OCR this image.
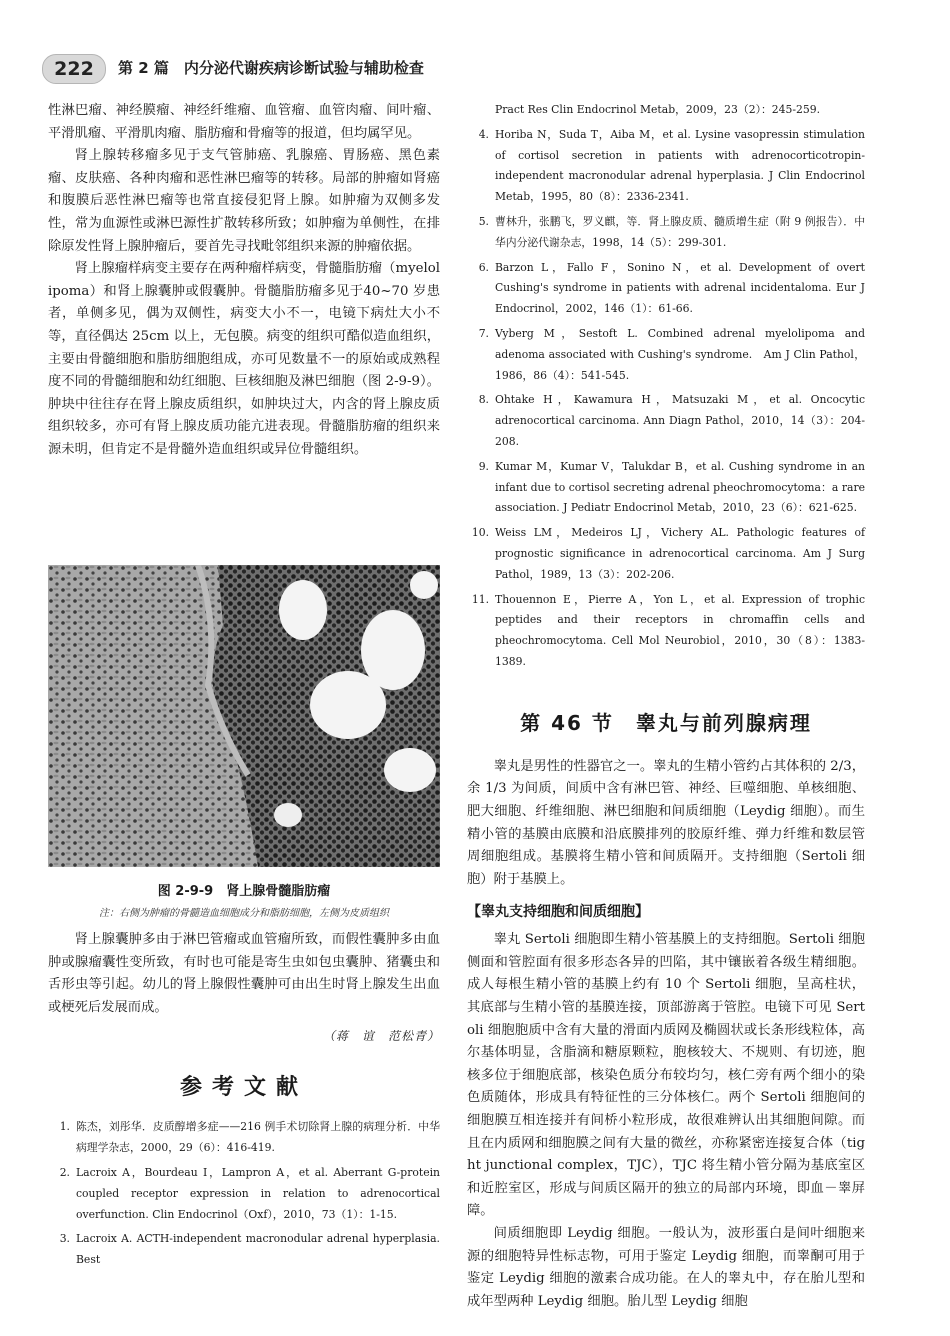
222	第 2 篇　内分泌代谢疾病诊断试验与辅助检查

性淋巴瘤、神经膜瘤、神经纤维瘤、血管瘤、血管肉瘤、间叶瘤、平滑肌瘤、平滑肌肉瘤、脂肪瘤和骨瘤等的报道，但均属罕见。

肾上腺转移瘤多见于支气管肺癌、乳腺癌、胃肠癌、黑色素瘤、皮肤癌、各种肉瘤和恶性淋巴瘤等的转移。局部的肿瘤如肾癌和腹膜后恶性淋巴瘤等也常直接侵犯肾上腺。如肿瘤为双侧多发性，常为血源性或淋巴源性扩散转移所致；如肿瘤为单侧性，在排除原发性肾上腺肿瘤后，要首先寻找毗邻组织来源的肿瘤依据。

肾上腺瘤样病变主要存在两种瘤样病变，骨髓脂肪瘤（myelolipoma）和肾上腺囊肿或假囊肿。骨髓脂肪瘤多见于40~70 岁患者，单侧多见，偶为双侧性，病变大小不一，电镜下病灶大小不等，直径偶达 25cm 以上，无包膜。病变的组织可酷似造血组织，主要由骨髓细胞和脂肪细胞组成，亦可见数量不一的原始或成熟程度不同的骨髓细胞和幼红细胞、巨核细胞及淋巴细胞（图 2-9-9）。肿块中往往存在肾上腺皮质组织，如肿块过大，内含的肾上腺皮质组织较多，亦可有肾上腺皮质功能亢进表现。骨髓脂肪瘤的组织来源未明，但肯定不是骨髓外造血组织或异位骨髓组织。

图 2-9-9　肾上腺骨髓脂肪瘤
注：右侧为肿瘤的骨髓造血细胞成分和脂肪细胞，左侧为皮质组织

肾上腺囊肿多由于淋巴管瘤或血管瘤所致，而假性囊肿多由血肿或腺瘤囊性变所致，有时也可能是寄生虫如包虫囊肿、猪囊虫和舌形虫等引起。幼儿的肾上腺假性囊肿可由出生时肾上腺发生出血或梗死后发展而成。

（蒋　谊　范松青）
参考文献
1. 陈杰，刘彤华．皮质醇增多症——216 例手术切除肾上腺的病理分析．中华病理学杂志，2000，29（6）：416-419.
2. Lacroix A，Bourdeau I，Lampron A，et al. Aberrant G-protein coupled receptor expression in relation to adrenocortical overfunction. Clin Endocrinol（Oxf），2010，73（1）：1-15.
3. Lacroix A. ACTH-independent macronodular adrenal hyperplasia. Best
Pract Res Clin Endocrinol Metab，2009，23（2）：245-259.
4. Horiba N，Suda T，Aiba M，et al. Lysine vasopressin stimulation of cortisol secretion in patients with adrenocorticotropin-independent macronodular adrenal hyperplasia. J Clin Endocrinol Metab，1995，80（8）：2336-2341.
5. 曹林升，张鹏飞，罗义麒，等．肾上腺皮质、髓质增生症（附 9 例报告）．中华内分泌代谢杂志，1998，14（5）：299-301.
6. Barzon L，Fallo F，Sonino N，et al. Development of overt Cushing's syndrome in patients with adrenal incidentaloma. Eur J Endocrinol，2002，146（1）：61-66.
7. Vyberg M，Sestoft L. Combined adrenal myelolipoma and adenoma associated with Cushing's syndrome.　Am J Clin Pathol，1986，86（4）：541-545.
8. Ohtake H，Kawamura H，Matsuzaki M，et al. Oncocytic adrenocortical carcinoma. Ann Diagn Pathol，2010，14（3）：204-208.
9. Kumar M，Kumar V，Talukdar B，et al. Cushing syndrome in an infant due to cortisol secreting adrenal pheochromocytoma：a rare association. J Pediatr Endocrinol Metab，2010，23（6）：621-625.
10. Weiss LM，Medeiros LJ，Vichery AL. Pathologic features of prognostic significance in adrenocortical carcinoma. Am J Surg Pathol，1989，13（3）：202-206.
11. Thouennon E，Pierre A，Yon L，et al. Expression of trophic peptides and their receptors in chromaffin cells and pheochromocytoma. Cell Mol Neurobiol，2010，30（8）：1383-1389.
第 46 节　睾丸与前列腺病理

睾丸是男性的性器官之一。睾丸的生精小管约占其体积的 2/3，余 1/3 为间质，间质中含有淋巴管、神经、巨噬细胞、单核细胞、肥大细胞、纤维细胞、淋巴细胞和间质细胞（Leydig 细胞）。而生精小管的基膜由底膜和沿底膜排列的胶原纤维、弹力纤维和数层管周细胞组成。基膜将生精小管和间质隔开。支持细胞（Sertoli 细胞）附于基膜上。

【睾丸支持细胞和间质细胞】

睾丸 Sertoli 细胞即生精小管基膜上的支持细胞。Sertoli 细胞侧面和管腔面有很多形态各异的凹陷，其中镶嵌着各级生精细胞。成人每根生精小管的基膜上约有 10 个 Sertoli 细胞，呈高柱状，其底部与生精小管的基膜连接，顶部游离于管腔。电镜下可见 Sertoli 细胞胞质中含有大量的滑面内质网及椭圆状或长条形线粒体，高尔基体明显，含脂滴和糖原颗粒，胞核较大、不规则、有切迹，胞核多位于细胞底部，核染色质分布较均匀，核仁旁有两个细小的染色质随体，形成具有特征性的三分体核仁。两个 Sertoli 细胞间的细胞膜互相连接并有间桥小粒形成，故很难辨认出其细胞间隙。而且在内质网和细胞膜之间有大量的微丝，亦称紧密连接复合体（tight junctional complex，TJC），TJC 将生精小管分隔为基底室区和近腔室区，形成与间质区隔开的独立的局部内环境，即血－睾屏障。

间质细胞即 Leydig 细胞。一般认为，波形蛋白是间叶细胞来源的细胞特异性标志物，可用于鉴定 Leydig 细胞，而睾酮可用于鉴定 Leydig 细胞的激素合成功能。在人的睾丸中，存在胎儿型和成年型两种 Leydig 细胞。胎儿型 Leydig 细胞
